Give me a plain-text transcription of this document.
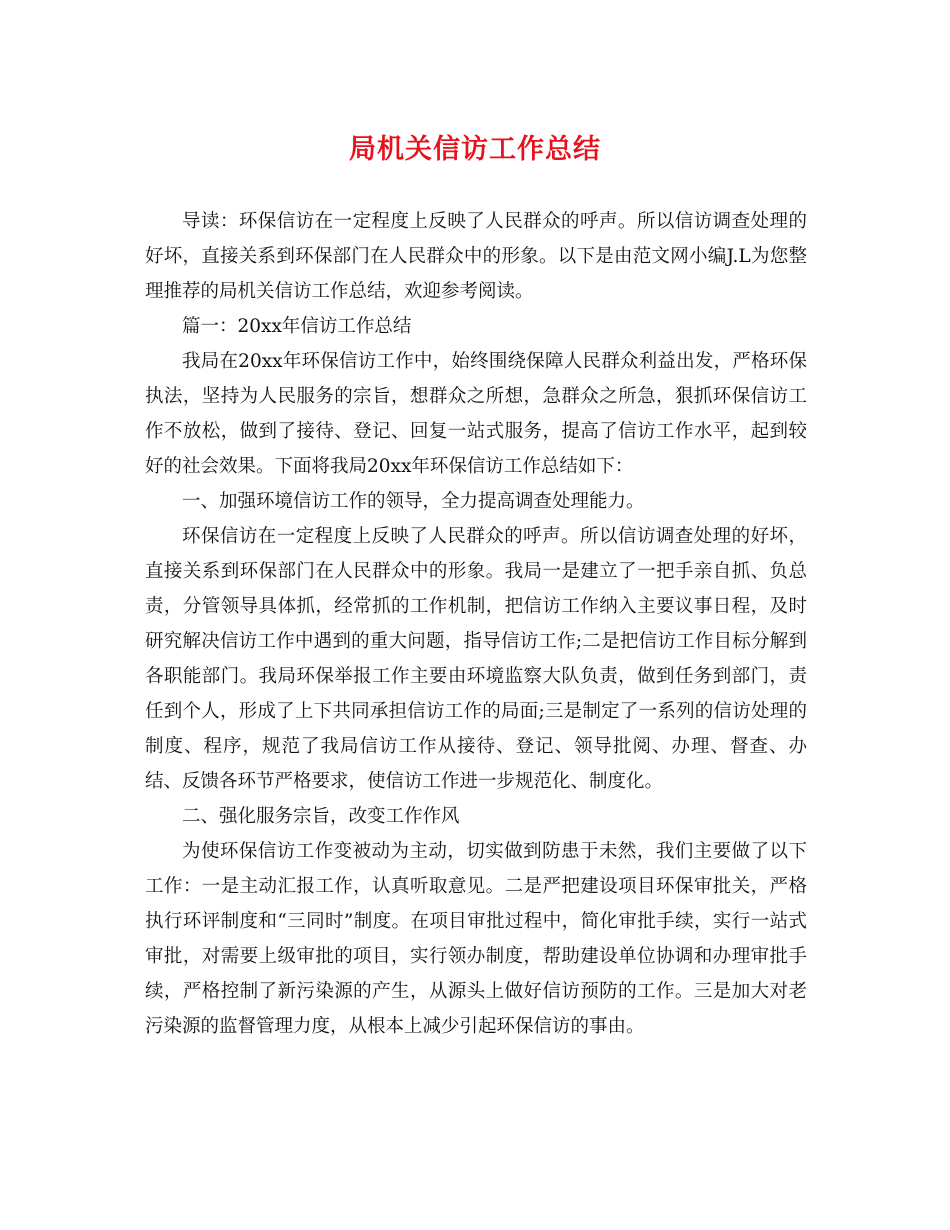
局机关信访工作总结

导读：环保信访在一定程度上反映了人民群众的呼声。所以信访调查处理的好坏，直接关系到环保部门在人民群众中的形象。以下是由范文网小编J.L为您整理推荐的局机关信访工作总结，欢迎参考阅读。

篇一：20xx年信访工作总结

我局在20xx年环保信访工作中，始终围绕保障人民群众利益出发，严格环保执法，坚持为人民服务的宗旨，想群众之所想，急群众之所急，狠抓环保信访工作不放松，做到了接待、登记、回复一站式服务，提高了信访工作水平，起到较好的社会效果。下面将我局20xx年环保信访工作总结如下：

一、加强环境信访工作的领导，全力提高调查处理能力。

环保信访在一定程度上反映了人民群众的呼声。所以信访调查处理的好坏，直接关系到环保部门在人民群众中的形象。我局一是建立了一把手亲自抓、负总责，分管领导具体抓，经常抓的工作机制，把信访工作纳入主要议事日程，及时研究解决信访工作中遇到的重大问题，指导信访工作;二是把信访工作目标分解到各职能部门。我局环保举报工作主要由环境监察大队负责，做到任务到部门，责任到个人，形成了上下共同承担信访工作的局面;三是制定了一系列的信访处理的制度、程序，规范了我局信访工作从接待、登记、领导批阅、办理、督查、办结、反馈各环节严格要求，使信访工作进一步规范化、制度化。

二、强化服务宗旨，改变工作作风

为使环保信访工作变被动为主动，切实做到防患于未然，我们主要做了以下工作：一是主动汇报工作，认真听取意见。二是严把建设项目环保审批关，严格执行环评制度和“三同时”制度。在项目审批过程中，简化审批手续，实行一站式审批，对需要上级审批的项目，实行领办制度，帮助建设单位协调和办理审批手续，严格控制了新污染源的产生，从源头上做好信访预防的工作。三是加大对老污染源的监督管理力度，从根本上减少引起环保信访的事由。
